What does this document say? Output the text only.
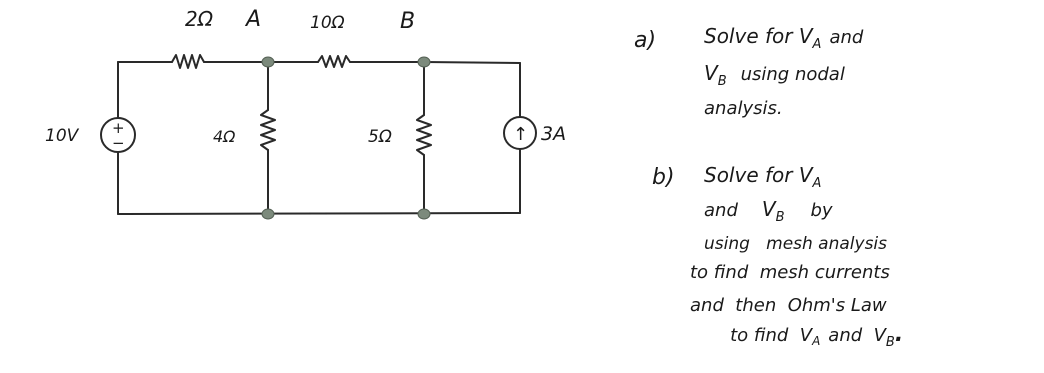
2Ω A	10Ω	B
10V +
−	4Ω	5Ω	↑ 3A
a) Solve for $V_A$ and
$V_B$ using nodal
analysis.
b) Solve for $V_A$
and $V_B$ by
using   mesh analysis
to find  mesh currents
and  then  Ohm's Law
to find  $V_A$ and  $V_B$.
